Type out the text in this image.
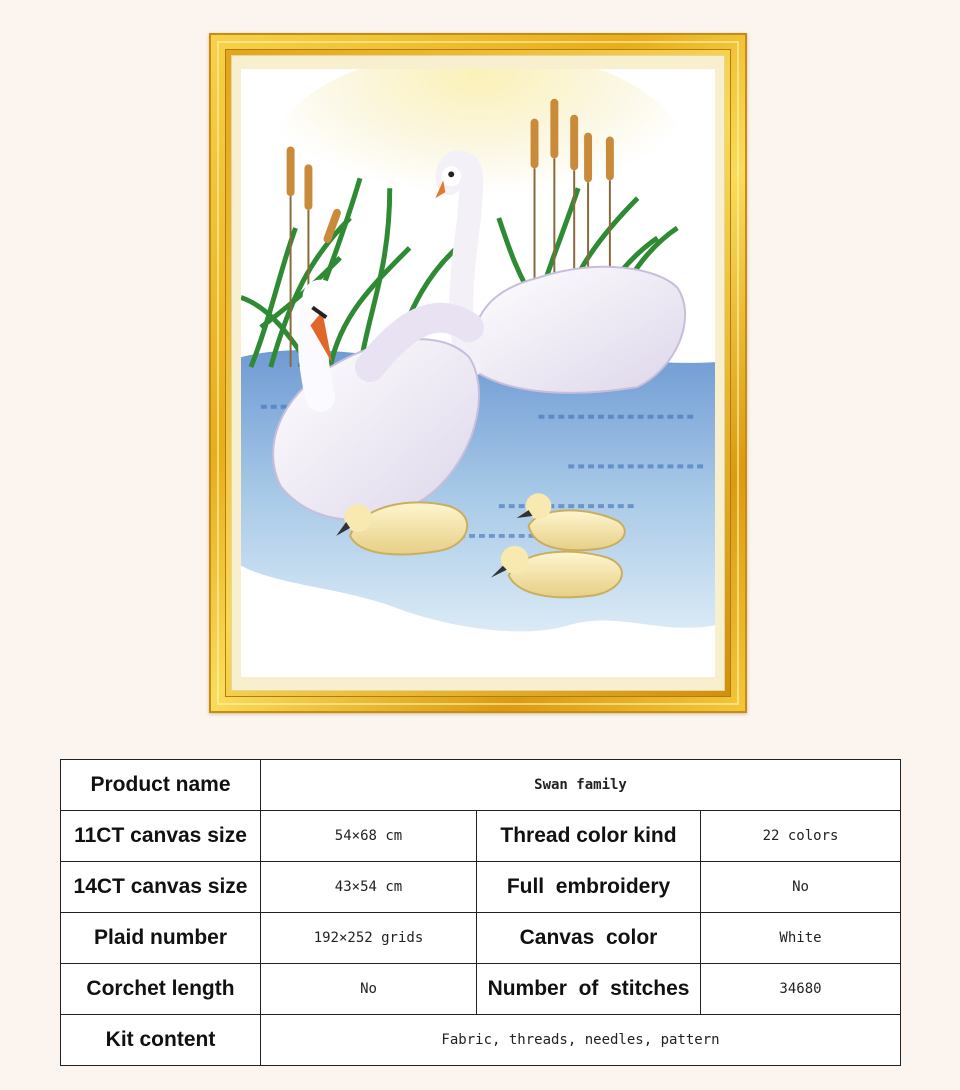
Product name	Swan family		
11CT canvas size	54×68 cm	Thread color kind	22 colors
14CT canvas size	43×54 cm	Full  embroidery	No
Plaid number	192×252 grids	Canvas  color	White
Corchet length	No	Number  of  stitches	34680
Kit content	Fabric, threads, needles, pattern		
